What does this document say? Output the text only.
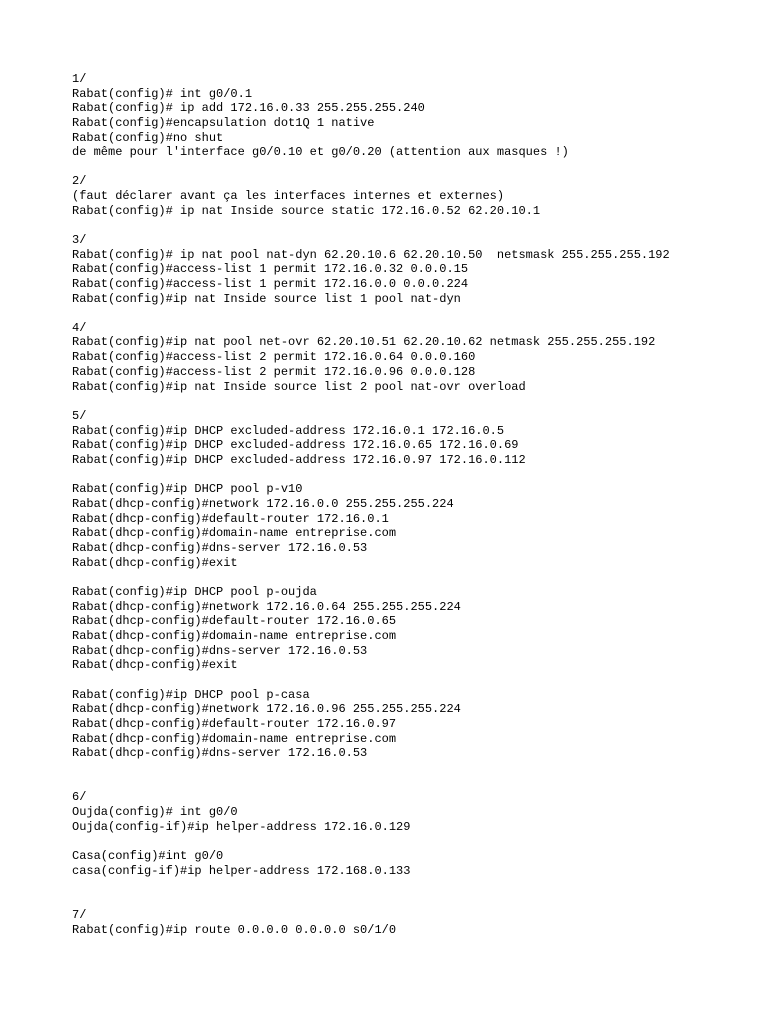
1/
Rabat(config)# int g0/0.1
Rabat(config)# ip add 172.16.0.33 255.255.255.240
Rabat(config)#encapsulation dot1Q 1 native
Rabat(config)#no shut
de même pour l'interface g0/0.10 et g0/0.20 (attention aux masques !)
2/
(faut déclarer avant ça les interfaces internes et externes)
Rabat(config)# ip nat Inside source static 172.16.0.52 62.20.10.1
3/
Rabat(config)# ip nat pool nat-dyn 62.20.10.6 62.20.10.50  netsmask 255.255.255.192
Rabat(config)#access-list 1 permit 172.16.0.32 0.0.0.15
Rabat(config)#access-list 1 permit 172.16.0.0 0.0.0.224
Rabat(config)#ip nat Inside source list 1 pool nat-dyn
4/
Rabat(config)#ip nat pool net-ovr 62.20.10.51 62.20.10.62 netmask 255.255.255.192
Rabat(config)#access-list 2 permit 172.16.0.64 0.0.0.160
Rabat(config)#access-list 2 permit 172.16.0.96 0.0.0.128
Rabat(config)#ip nat Inside source list 2 pool nat-ovr overload
5/
Rabat(config)#ip DHCP excluded-address 172.16.0.1 172.16.0.5
Rabat(config)#ip DHCP excluded-address 172.16.0.65 172.16.0.69
Rabat(config)#ip DHCP excluded-address 172.16.0.97 172.16.0.112
Rabat(config)#ip DHCP pool p-v10
Rabat(dhcp-config)#network 172.16.0.0 255.255.255.224
Rabat(dhcp-config)#default-router 172.16.0.1
Rabat(dhcp-config)#domain-name entreprise.com
Rabat(dhcp-config)#dns-server 172.16.0.53
Rabat(dhcp-config)#exit
Rabat(config)#ip DHCP pool p-oujda
Rabat(dhcp-config)#network 172.16.0.64 255.255.255.224
Rabat(dhcp-config)#default-router 172.16.0.65
Rabat(dhcp-config)#domain-name entreprise.com
Rabat(dhcp-config)#dns-server 172.16.0.53
Rabat(dhcp-config)#exit
Rabat(config)#ip DHCP pool p-casa
Rabat(dhcp-config)#network 172.16.0.96 255.255.255.224
Rabat(dhcp-config)#default-router 172.16.0.97
Rabat(dhcp-config)#domain-name entreprise.com
Rabat(dhcp-config)#dns-server 172.16.0.53
6/
Oujda(config)# int g0/0
Oujda(config-if)#ip helper-address 172.16.0.129
Casa(config)#int g0/0
casa(config-if)#ip helper-address 172.168.0.133
7/
Rabat(config)#ip route 0.0.0.0 0.0.0.0 s0/1/0
